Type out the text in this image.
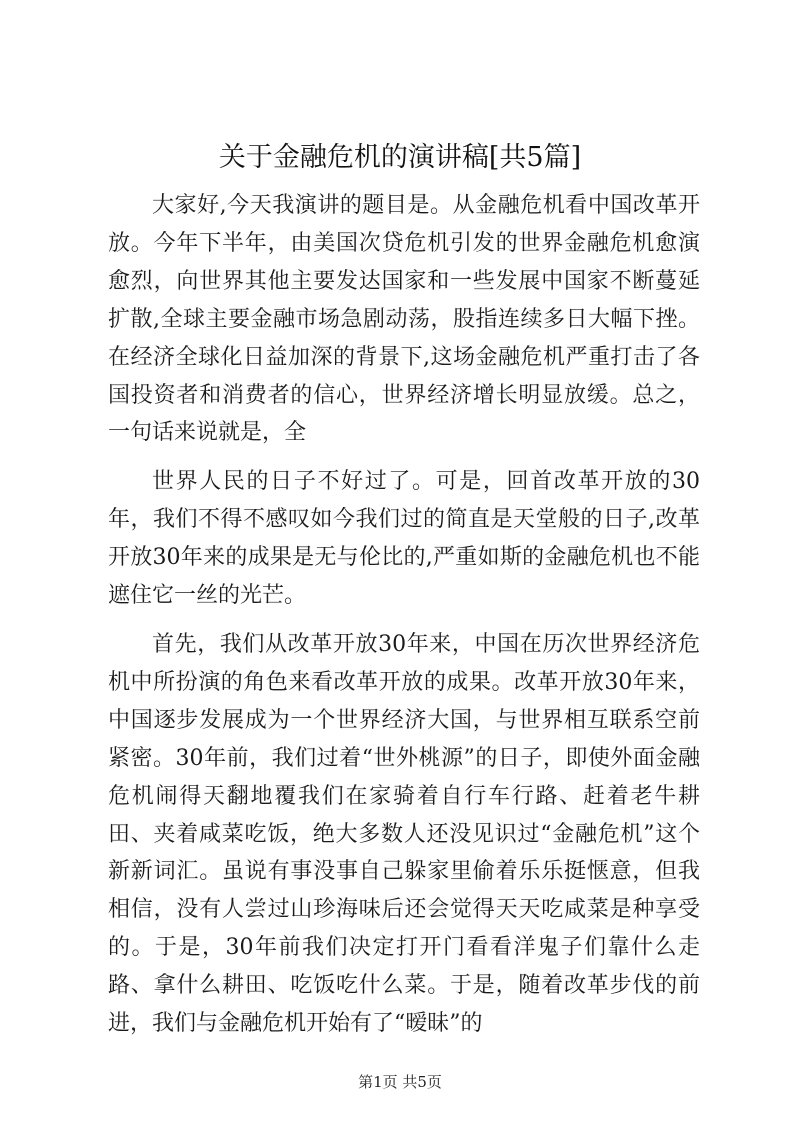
关于金融危机的演讲稿[共5篇]

大家好,今天我演讲的题目是。从金融危机看中国改革开放。今年下半年，由美国次贷危机引发的世界金融危机愈演愈烈，向世界其他主要发达国家和一些发展中国家不断蔓延扩散,全球主要金融市场急剧动荡，股指连续多日大幅下挫。在经济全球化日益加深的背景下,这场金融危机严重打击了各国投资者和消费者的信心，世界经济增长明显放缓。总之，一句话来说就是，全

世界人民的日子不好过了。可是，回首改革开放的30年，我们不得不感叹如今我们过的简直是天堂般的日子,改革开放30年来的成果是无与伦比的,严重如斯的金融危机也不能遮住它一丝的光芒。

首先，我们从改革开放30年来，中国在历次世界经济危机中所扮演的角色来看改革开放的成果。改革开放30年来，中国逐步发展成为一个世界经济大国，与世界相互联系空前紧密。30年前，我们过着“世外桃源”的日子，即使外面金融危机闹得天翻地覆我们在家骑着自行车行路、赶着老牛耕田、夹着咸菜吃饭，绝大多数人还没见识过“金融危机”这个新新词汇。虽说有事没事自己躲家里偷着乐乐挺惬意，但我相信，没有人尝过山珍海味后还会觉得天天吃咸菜是种享受的。于是，30年前我们决定打开门看看洋鬼子们靠什么走路、拿什么耕田、吃饭吃什么菜。于是，随着改革步伐的前进，我们与金融危机开始有了“暧昧”的

第1页 共5页
